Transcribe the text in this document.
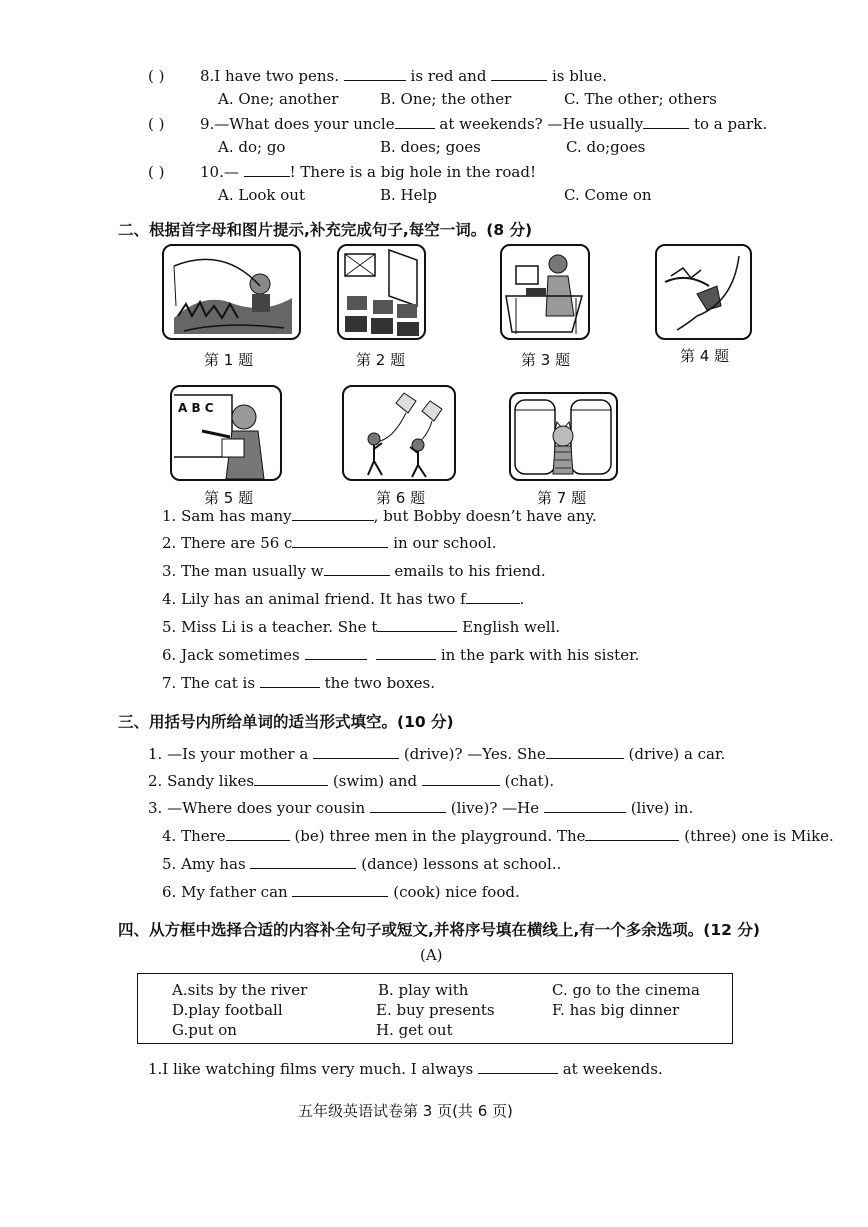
( ) 8.I have two pens.	is red and	is blue.
A. One; another	B. One; the other	C. The other; others
( ) 9.—What does your uncle	at weekends? —He usually	to a park.
A. do; go	B. does; goes	C. do;goes
( ) 10.—	! There is a big hole in the road!
A. Look out	B. Help	C. Come on
二、根据首字母和图片提示,补充完成句子,每空一词。(8 分)
第 1 题	第 2 题	第 3 题	第 4 题
A B C
第 5 题	第 6 题	第 7 题
1. Sam has many	, but Bobby doesn’t have any.
2. There are 56 c	in our school.
3. The man usually w	emails to his friend.
4. Lily has an animal friend. It has two f	.
5. Miss Li is a teacher. She t	English well.
6. Jack sometimes	in the park with his sister.
7. The cat is	the two boxes.
三、用括号内所给单词的适当形式填空。(10 分)
1. —Is your mother a	(drive)? —Yes. She	(drive) a car.
2. Sandy likes	(swim) and	(chat).
3. —Where does your cousin	(live)? —He	(live) in.
4. There	(be) three men in the playground. The	(three) one is Mike.
5. Amy has	(dance) lessons at school..
6. My father can	(cook) nice food.
四、从方框中选择合适的内容补全句子或短文,并将序号填在横线上,有一个多余选项。(12 分)
(A)
A.sits by the river	B. play with	C. go to the cinema
D.play football	E. buy presents	F. has big dinner
G.put on	H. get out
1.I like watching films very much. I always	at weekends.
五年级英语试卷第 3 页(共 6 页)
